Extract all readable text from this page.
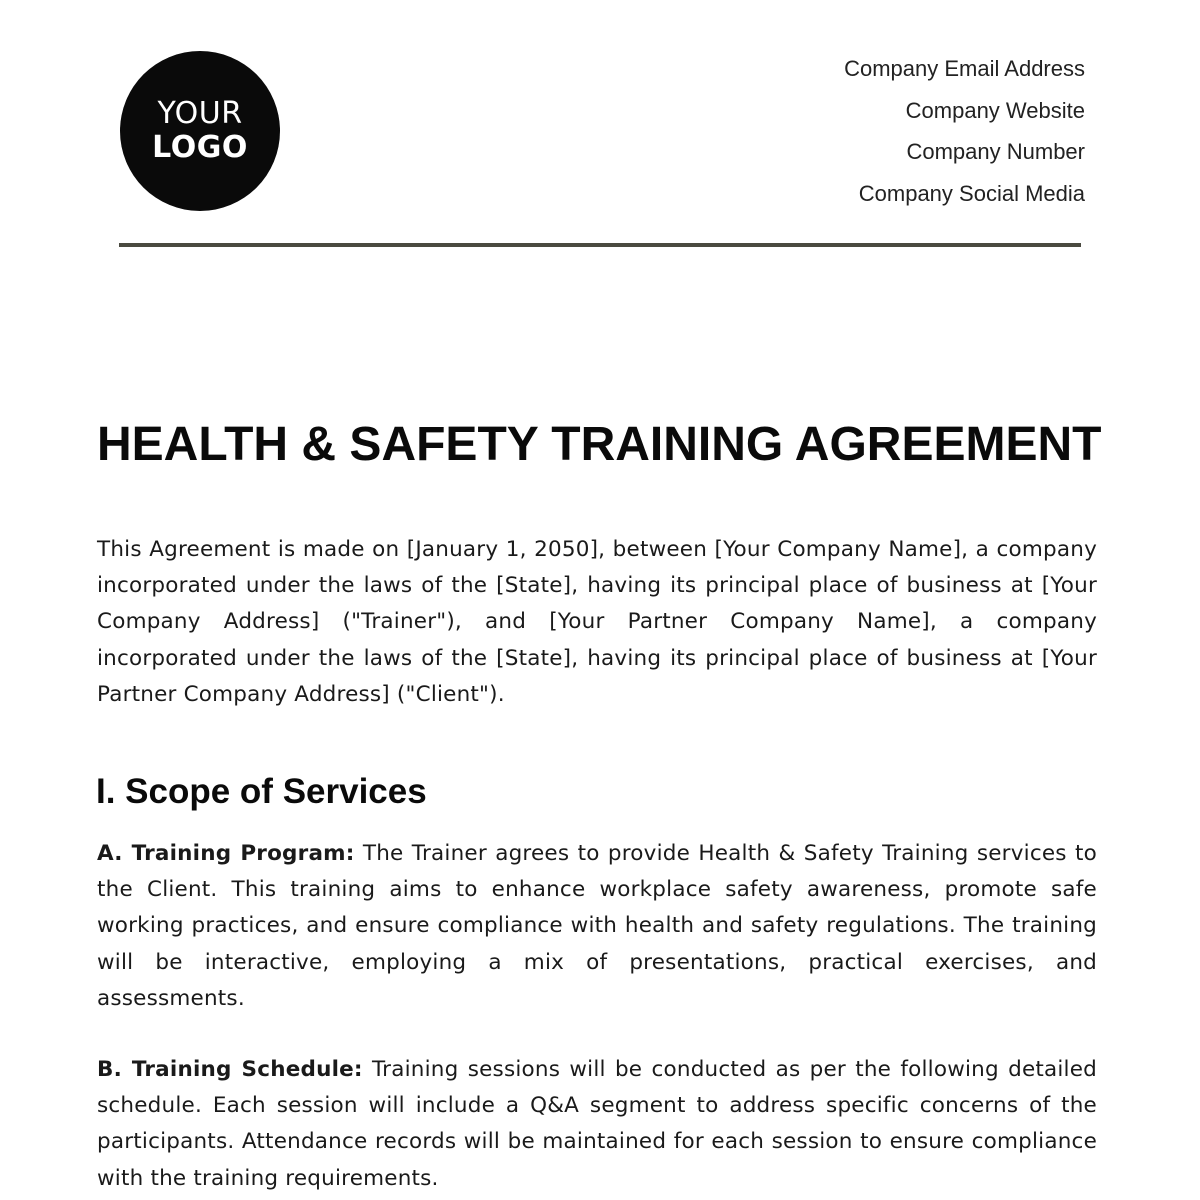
YOUR
LOGO
Company Email Address
Company Website
Company Number
Company Social Media
HEALTH & SAFETY TRAINING AGREEMENT

This Agreement is made on [January 1, 2050], between [Your Company Name], a company incorporated under the laws of the [State], having its principal place of business at [Your Company Address] ("Trainer"), and [Your Partner Company Name], a company incorporated under the laws of the [State], having its principal place of business at [Your Partner Company Address] ("Client").

I. Scope of Services

A. Training Program: The Trainer agrees to provide Health & Safety Training services to the Client. This training aims to enhance workplace safety awareness, promote safe working practices, and ensure compliance with health and safety regulations. The training will be interactive, employing a mix of presentations, practical exercises, and assessments.

B. Training Schedule: Training sessions will be conducted as per the following detailed schedule. Each session will include a Q&A segment to address specific concerns of the participants. Attendance records will be maintained for each session to ensure compliance with the training requirements.
